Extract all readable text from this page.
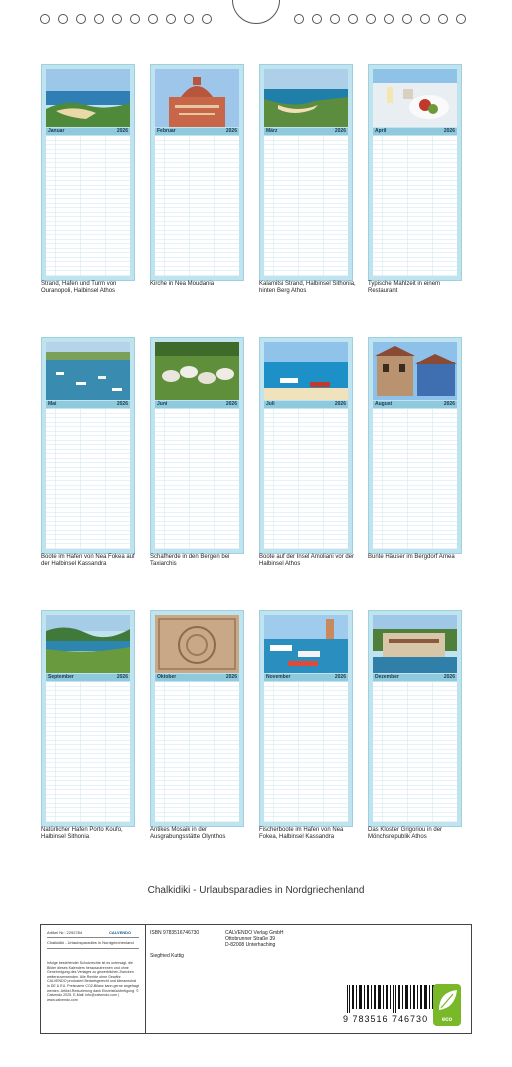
Januar	2026	Februar	2026	März	2026	April	2026
Strand, Hafen und Turm von Ouranopoli, Halbinsel Athos
Kirche in Nea Moudania	Kalamitsi Strand, Halbinsel Sithonia, hinten Berg Athos
Typische Mahlzeit in einem Restaurant
Mai	2026	Juni	2026	Juli	2026	August	2026
Boote im Hafen von Nea Fokea auf der Halbinsel Kassandra
Schafherde in den Bergen bei Taxiarchis
Boote auf der Insel Amoliani vor der Halbinsel Athos
Bunte Häuser im Bergdorf Arnea
September	2026	Oktober	2026	November	2026	Dezember	2026
Natürlicher Hafen Porto Koufo, Halbinsel Sithonia
Antikes Mosaik in der Ausgrabungsstätte Olynthos
Fischerboote im Hafen von Nea Fokea, Halbinsel Kassandra
Das Kloster Grigoriou in der Mönchsrepublik Athos
Chalkidiki - Urlaubsparadies in Nordgriechenland
Artikel Nr.: 2292784	CALVENDO
Chalkidiki - Urlaubsparadies in Nordgriechenland
Infolge bestehender Schutzrechte ist es untersagt, die Bilder dieses Kalenders herauszutrennen und ohne Genehmigung des Verlages zu gewerblichen Zwecken weiterzuverwenden. Alle Rechte ohne Gewähr. CALVENDO produziert Bedarfsgerecht und klimaneutral in DE & EU. Preisname CO2-Bilanz kann gerne angefragt werden. Artikel-Reduzierung dank Einzelstückfertigung. © Calvendo 2025. E-Mail: info@calvendo.com | www.calvendo.com
ISBN 9783516746730
Siegfried Kuttig
CALVENDO Verlag GmbH
Ottobrunner Straße 39
D-82008 Unterhaching
9 783516 746730	eco
